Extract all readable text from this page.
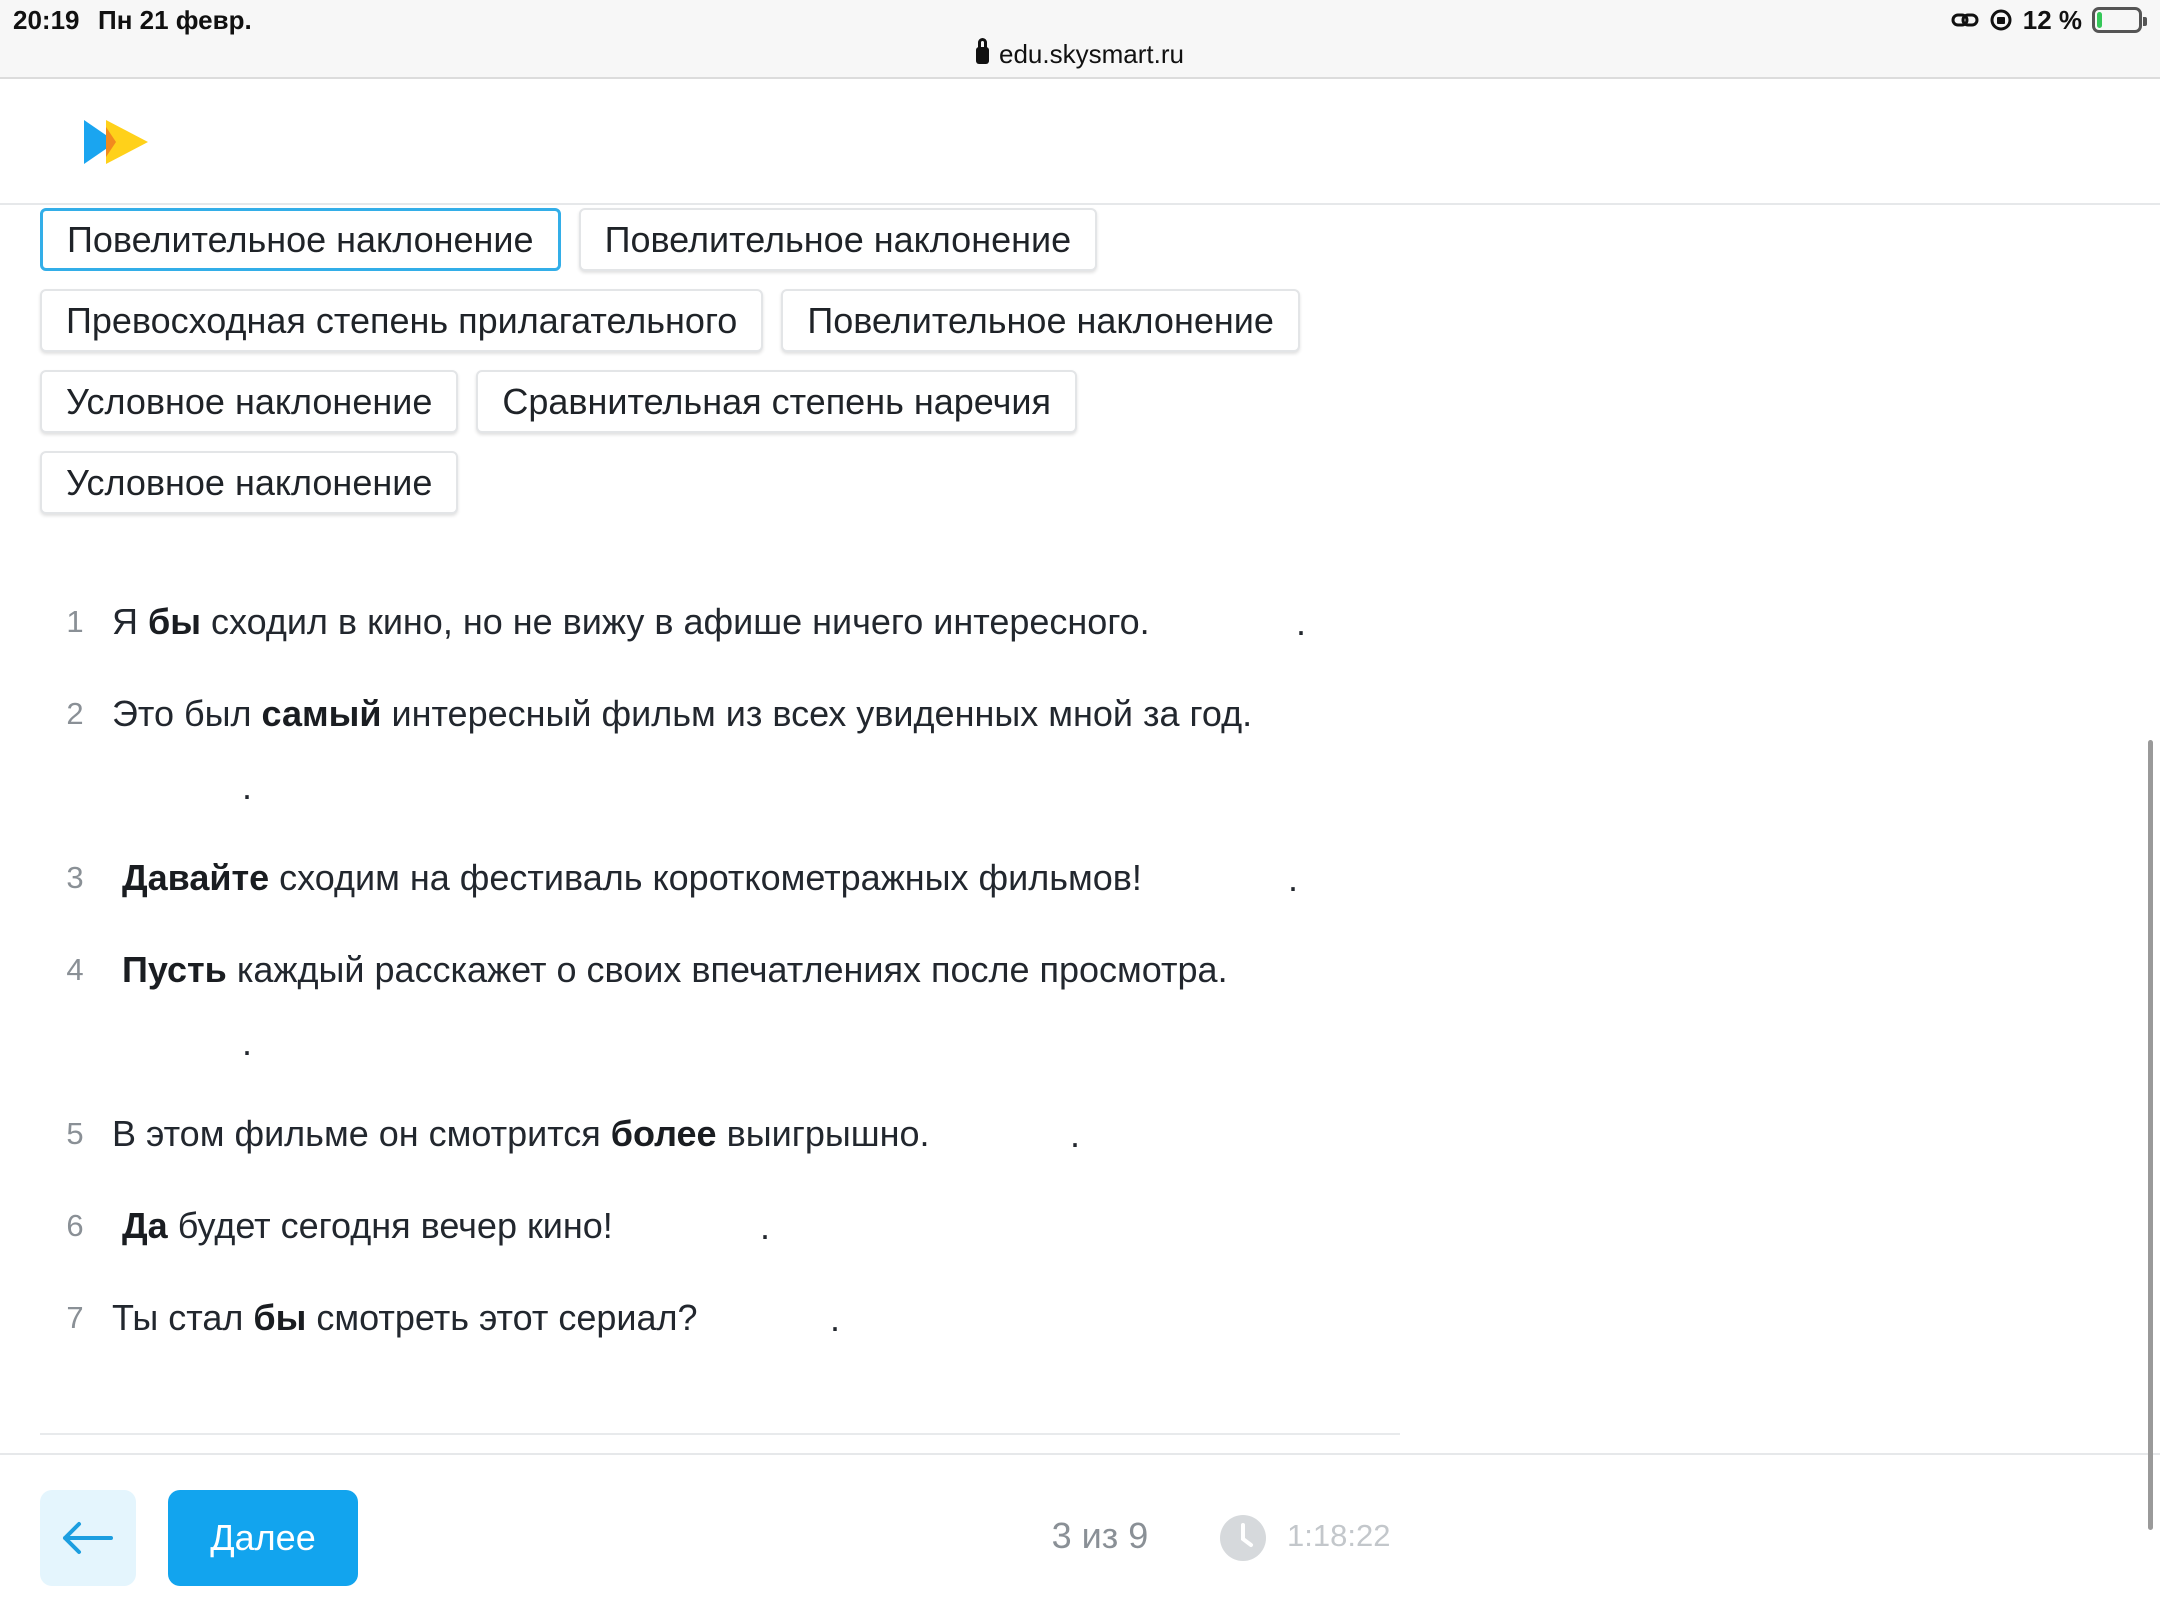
20:19 Пн 21 февр.
edu.skysmart.ru
12 %
Повелительное наклонение	Повелительное наклонение
Превосходная степень прилагательного	Повелительное наклонение
Условное наклонение	Сравнительная степень наречия
Условное наклонение
1 Я бы сходил в кино, но не вижу в афише ничего интересного.	.
2 Это был самый интересный фильм из всех увиденных мной за год.
.
3 Давайте сходим на фестиваль короткометражных фильмов!	.
4 Пусть каждый расскажет о своих впечатлениях после просмотра.
.
5 В этом фильме он смотрится более выигрышно.	.
6 Да будет сегодня вечер кино!	.
7 Ты стал бы смотреть этот сериал?	.
Далее	3 из 9	1:18:22
